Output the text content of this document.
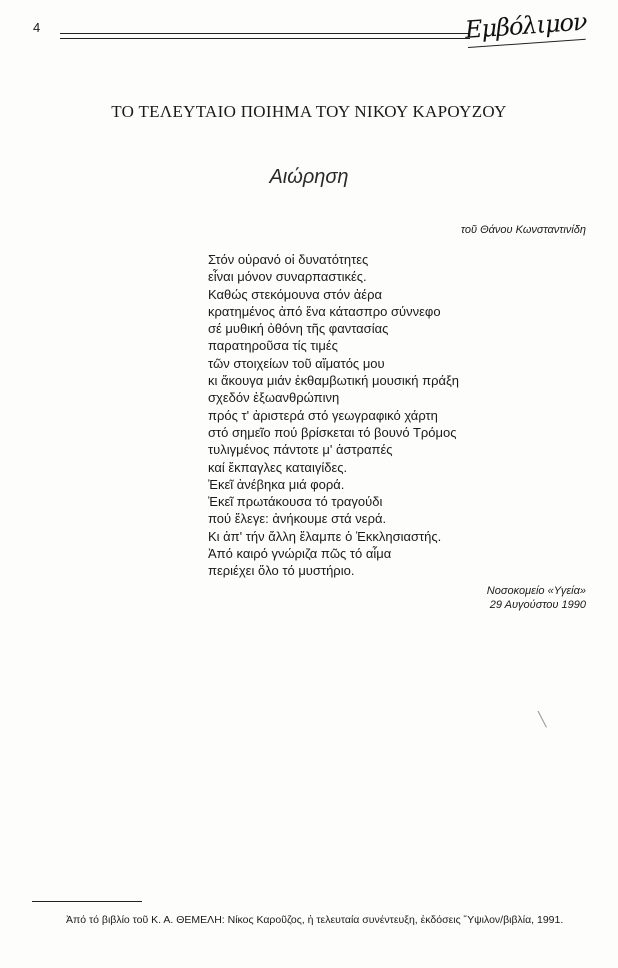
4	Εμβόλιμον
ΤΟ ΤΕΛΕΥΤΑΙΟ ΠΟΙΗΜΑ ΤΟΥ ΝΙΚΟΥ ΚΑΡΟΥΖΟΥ
Αιώρηση
τοῦ Θάνου Κωνσταντινίδη
Στόν οὐρανό οἱ δυνατότητες
εἶναι μόνον συναρπαστικές.
Καθώς στεκόμουνα στόν ἀέρα
κρατημένος ἀπό ἕνα κάτασπρο σύννεφο
σέ μυθική ὀθόνη τῆς φαντασίας
παρατηροῦσα τίς τιμές
τῶν στοιχείων τοῦ αἵματός μου
κι ἄκουγα μιάν ἐκθαμβωτική μουσική πράξη
σχεδόν ἐξωανθρώπινη
πρός τ' ἀριστερά στό γεωγραφικό χάρτη
στό σημεῖο πού βρίσκεται τό βουνό Τρόμος
τυλιγμένος πάντοτε μ' ἀστραπές
καί ἔκπαγλες καταιγίδες.
Ἐκεῖ ἀνέβηκα μιά φορά.
Ἐκεῖ πρωτάκουσα τό τραγούδι
πού ἔλεγε: ἀνήκουμε στά νερά.
Κι ἀπ' τήν ἄλλη ἔλαμπε ὁ Ἐκκλησιαστής.
Ἀπό καιρό γνώριζα πῶς τό αἷμα
περιέχει ὅλο τό μυστήριο.
Νοσοκομείο «Υγεία»
29 Αυγούστου 1990
╲
Ἀπό τό βιβλίο τοῦ Κ. Α. ΘΕΜΕΛΗ: Νίκος Καροῦζος, ἡ τελευταία συνέντευξη, ἐκδόσεις Ὕψιλον/βιβλία, 1991.
